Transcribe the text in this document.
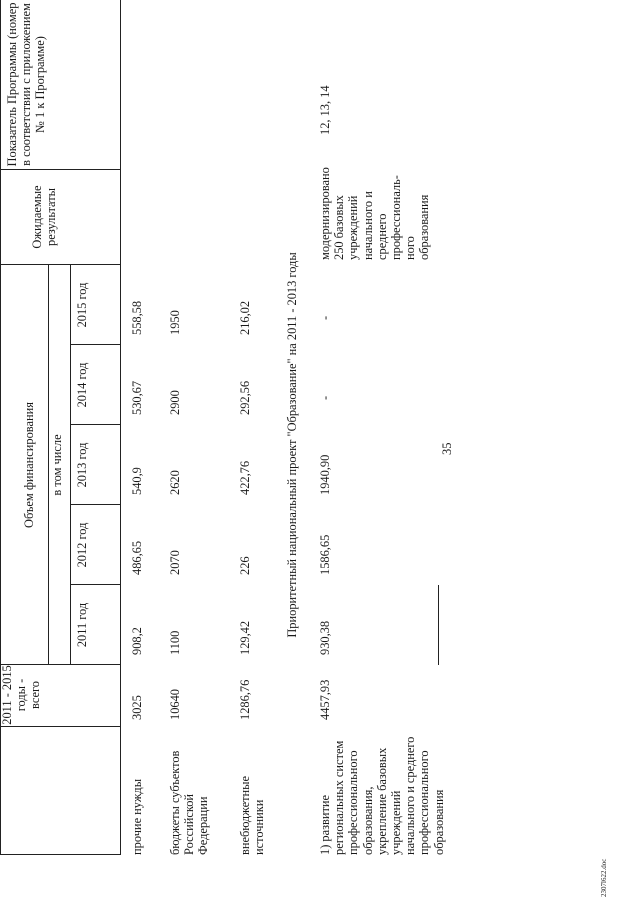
35
2011 - 2015 годы - всего
Объем финансирования в том числе
2011 год
2012 год
2013 год
2014 год
2015 год
Ожидаемые результаты
Показатель Программы (номер в соответствии с приложением № 1 к Программе)
прочие нужды
3025
908,2
486,65
540,9
530,67
558,58
бюджеты субъектов Российской Федерации
10640
1100
2070
2620
2900
1950
внебюджетные источники
1286,76
129,42
226
422,76
292,56
216,02	Приоритетный национальный проект "Образование" на 2011 - 2013 годы
1) развитие региональных систем профессионального образования, укрепление базовых учреждений начального и среднего профессионального образования
4457,93
930,38
1586,65
1940,90
-
-
модернизировано 250 базовых учреждений начального и среднего профессиональ-ного образования
12, 13, 14
2307l622.doc
